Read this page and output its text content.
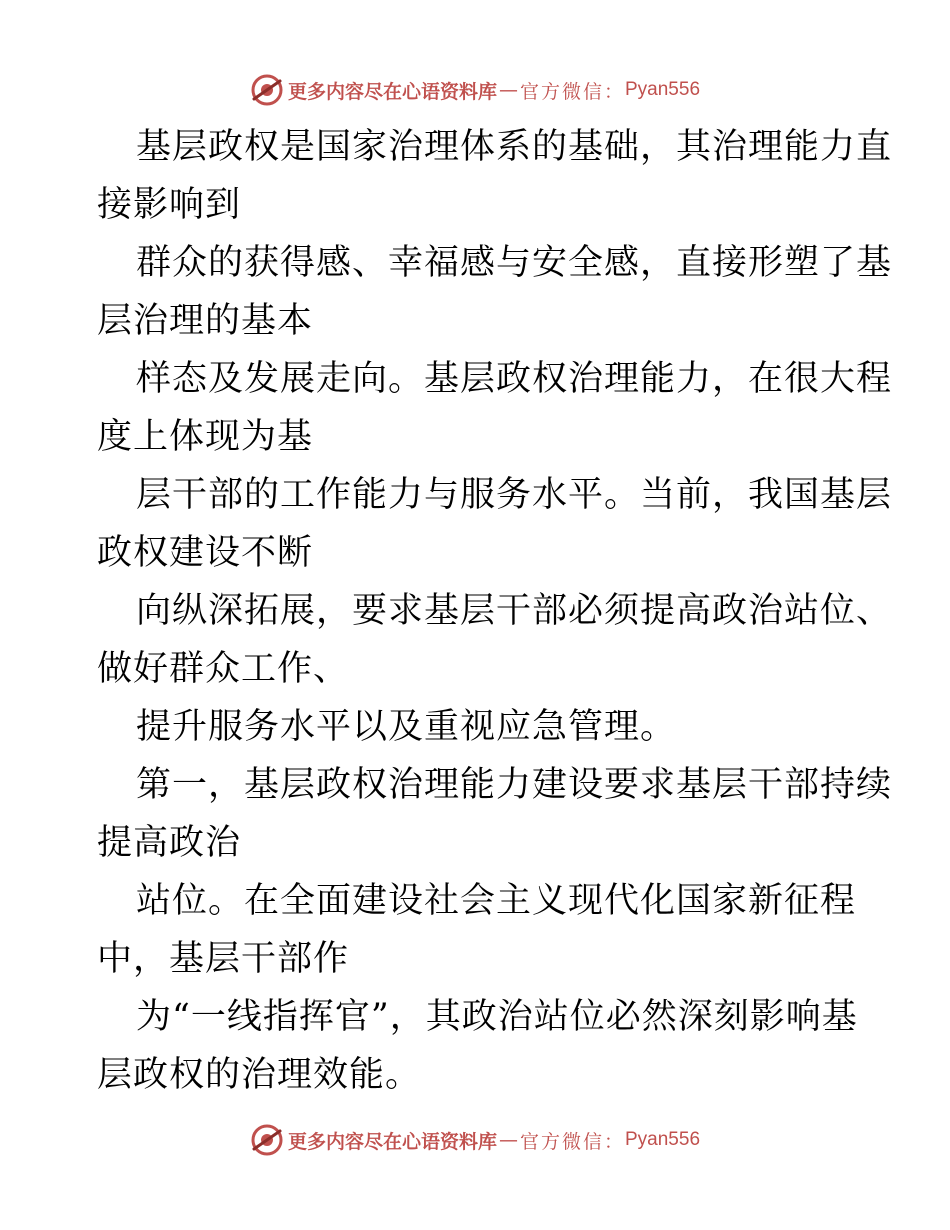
更多内容尽在心语资料库 — 官方微信： Pyan556
基层政权是国家治理体系的基础，其治理能力直
接影响到
群众的获得感、幸福感与安全感，直接形塑了基
层治理的基本
样态及发展走向。基层政权治理能力，在很大程
度上体现为基
层干部的工作能力与服务水平。当前，我国基层
政权建设不断
向纵深拓展，要求基层干部必须提高政治站位、
做好群众工作、
提升服务水平以及重视应急管理。
第一，基层政权治理能力建设要求基层干部持续
提高政治
站位。在全面建设社会主义现代化国家新征程
中，基层干部作
为“一线指挥官”，其政治站位必然深刻影响基
层政权的治理效能。
更多内容尽在心语资料库 — 官方微信： Pyan556
